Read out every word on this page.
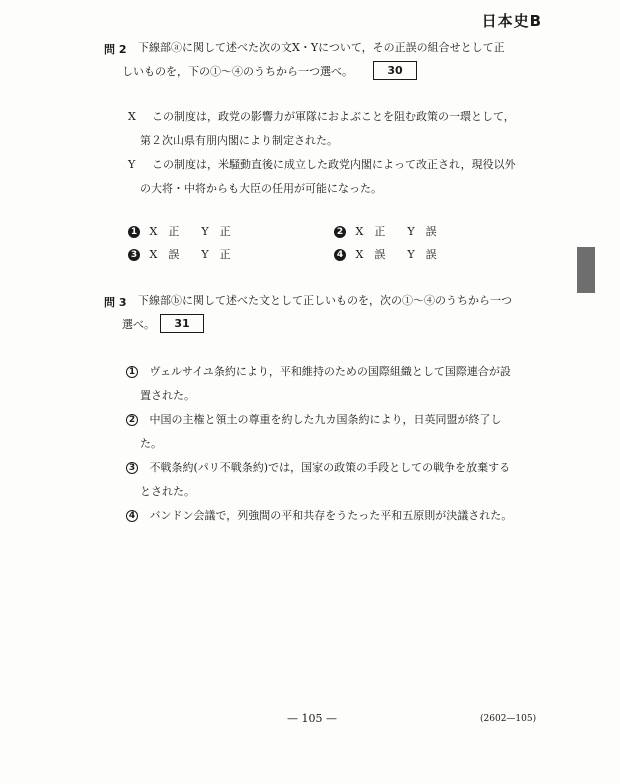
日本史B
問 2 下線部ⓐに関して述べた次の文X・Yについて，その正誤の組合せとして正
しいものを，下の①〜④のうちから一つ選べ。	30
X この制度は，政党の影響力が軍隊におよぶことを阻む政策の一環として，
第２次山県有朋内閣により制定された。
Y この制度は，米騒動直後に成立した政党内閣によって改正され，現役以外
の大将・中将からも大臣の任用が可能になった。
1 X　正　　Y　正	2 X　正　　Y　誤
3 X　誤　　Y　正	4 X　誤　　Y　誤
問 3 下線部ⓑに関して述べた文として正しいものを，次の①〜④のうちから一つ
選べ。	31
1 ヴェルサイユ条約により，平和維持のための国際組織として国際連合が設
置された。
2 中国の主権と領土の尊重を約した九カ国条約により，日英同盟が終了し
た。
3 不戦条約(パリ不戦条約)では，国家の政策の手段としての戦争を放棄する
とされた。
4 バンドン会議で，列強間の平和共存をうたった平和五原則が決議された。
— 105 —	(2602—105)
